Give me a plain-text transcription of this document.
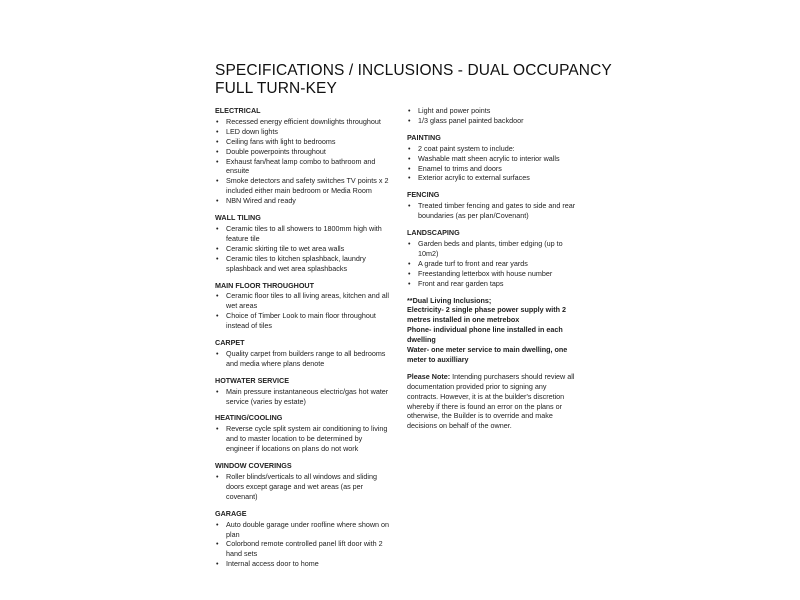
SPECIFICATIONS / INCLUSIONS - DUAL OCCUPANCY
FULL TURN-KEY
ELECTRICAL
• Recessed energy efficient downlights throughout
• LED down lights
• Ceiling fans with light to bedrooms
• Double powerpoints throughout
• Exhaust fan/heat lamp combo to bathroom and ensuite
• Smoke detectors and safety switches TV points x 2 included either main bedroom or Media Room
• NBN Wired and ready
WALL TILING
• Ceramic tiles to all showers to 1800mm high with feature tile
• Ceramic skirting tile to wet area walls
• Ceramic tiles to kitchen splashback, laundry splashback and wet area splashbacks
MAIN FLOOR THROUGHOUT
• Ceramic floor tiles to all living areas, kitchen and all wet areas
• Choice of Timber Look to main floor throughout instead of tiles
CARPET
• Quality carpet from builders range to all bedrooms and media where plans denote
HOTWATER SERVICE
• Main pressure instantaneous electric/gas hot water service (varies by estate)
HEATING/COOLING
• Reverse cycle split system air conditioning to living and to master location to be determined by engineer if locations on plans do not work
WINDOW COVERINGS
• Roller blinds/verticals to all windows and sliding doors except garage and wet areas (as per covenant)
GARAGE
• Auto double garage under roofline where shown on plan
• Colorbond remote controlled panel lift door with 2 hand sets
• Internal access door to home
• Light and power points
• 1/3 glass panel painted backdoor
PAINTING
• 2 coat paint system to include:
• Washable matt sheen acrylic to interior walls
• Enamel to trims and doors
• Exterior acrylic to external surfaces
FENCING
• Treated timber fencing and gates to side and rear boundaries (as per plan/Covenant)
LANDSCAPING
• Garden beds and plants, timber edging (up to 10m2)
• A grade turf to front and rear yards
• Freestanding letterbox with house number
• Front and rear garden taps

**Dual Living Inclusions;

Electricity- 2 single phase power supply with 2 metres installed in one metrebox

Phone- individual phone line installed in each dwelling

Water- one meter service to main dwelling, one meter to auxilliary

Please Note: Intending purchasers should review all documentation provided prior to signing any contracts. However, it is at the builder's discretion whereby if there is found an error on the plans or otherwise, the Builder is to override and make decisions on behalf of the owner.
